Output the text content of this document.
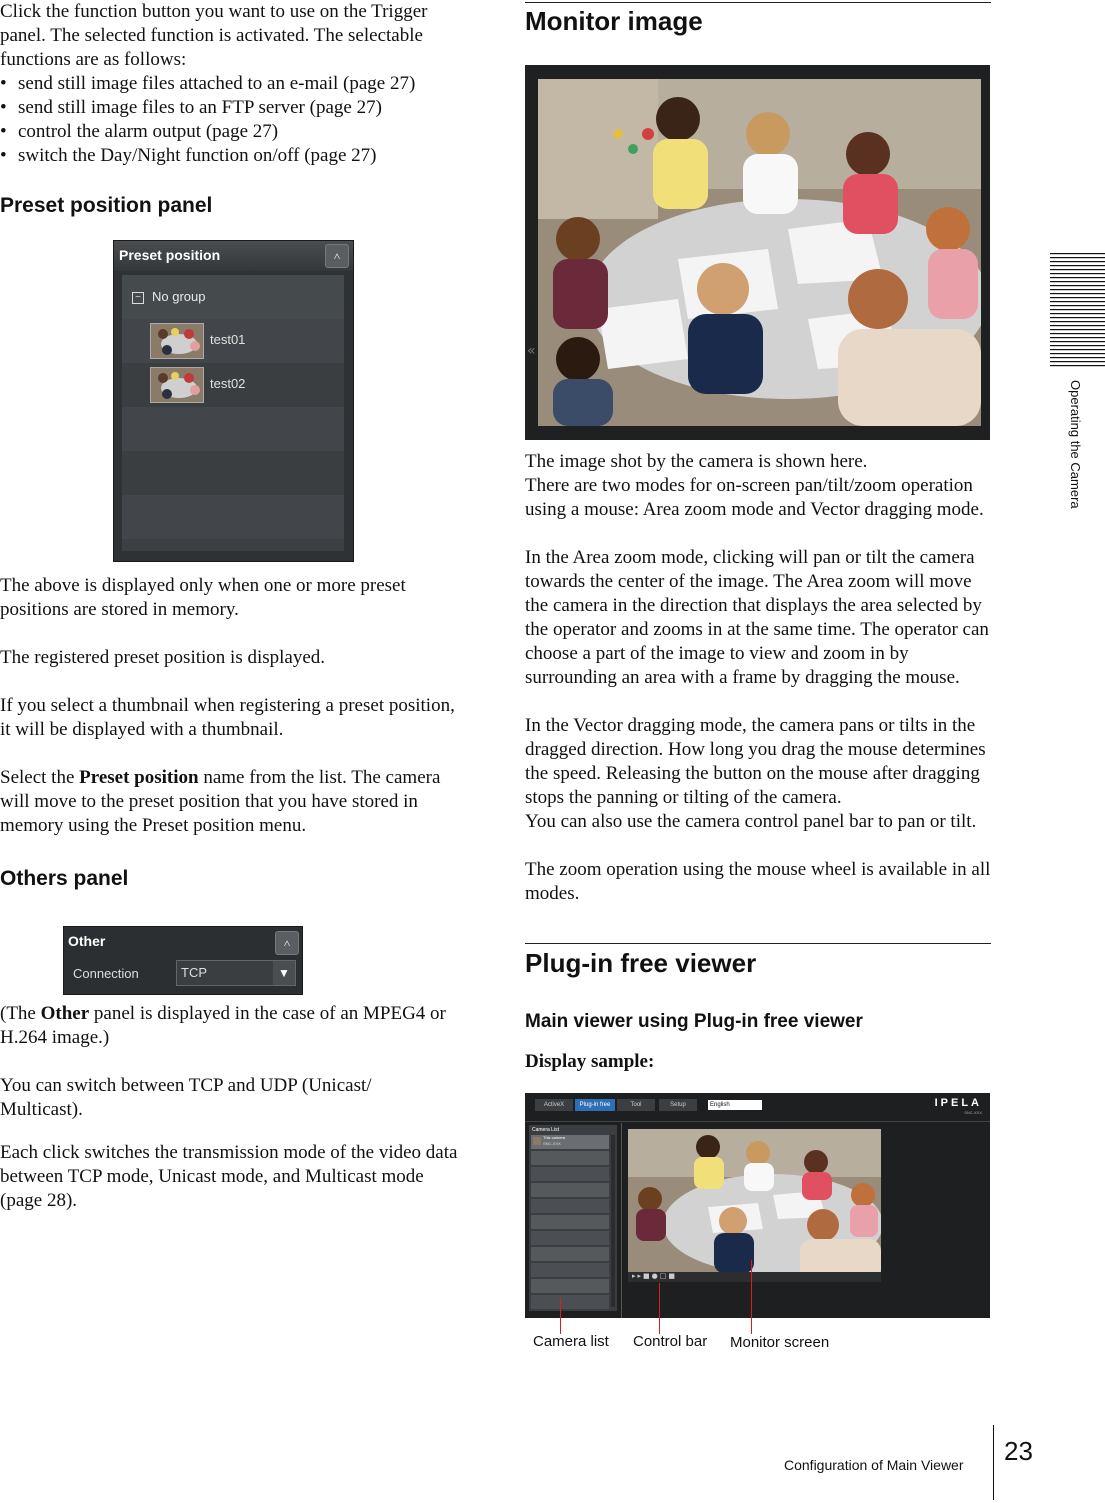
Click the function button you want to use on the Trigger panel. The selected function is activated. The selectable functions are as follows:

• send still image files attached to an e-mail (page 27)
• send still image files to an FTP server (page 27)
• control the alarm output (page 27)
• switch the Day/Night function on/off (page 27)
Preset position panel
Preset position	˄
− No group
test01
test02

The above is displayed only when one or more preset positions are stored in memory.

The registered preset position is displayed.

If you select a thumbnail when registering a preset position, it will be displayed with a thumbnail.

Select the Preset position name from the list. The camera will move to the preset position that you have stored in memory using the Preset position menu.

Others panel
Other	˄
Connection	TCP	▼

(The Other panel is displayed in the case of an MPEG4 or H.264 image.)

You can switch between TCP and UDP (Unicast/ Multicast).

Each click switches the transmission mode of the video data between TCP mode, Unicast mode, and Multicast mode (page 28).

Monitor image
«

The image shot by the camera is shown here.

There are two modes for on-screen pan/tilt/zoom operation using a mouse: Area zoom mode and Vector dragging mode.

In the Area zoom mode, clicking will pan or tilt the camera towards the center of the image. The Area zoom will move the camera in the direction that displays the area selected by the operator and zooms in at the same time. The operator can choose a part of the image to view and zoom in by surrounding an area with a frame by dragging the mouse.

In the Vector dragging mode, the camera pans or tilts in the dragged direction. How long you drag the mouse determines the speed. Releasing the button on the mouse after dragging stops the panning or tilting of the camera.

You can also use the camera control panel bar to pan or tilt.

The zoom operation using the mouse wheel is available in all modes.

Plug-in free viewer
Main viewer using Plug-in free viewer

Display sample:

ActiveX	Plug-in free	Tool	Setup	English	IPELA
SNC-XXX
Camera List
This camera
SNC-XXX
▸▸■●□■
Camera list Control bar Monitor screen
Operating the Camera
Configuration of Main Viewer 23
